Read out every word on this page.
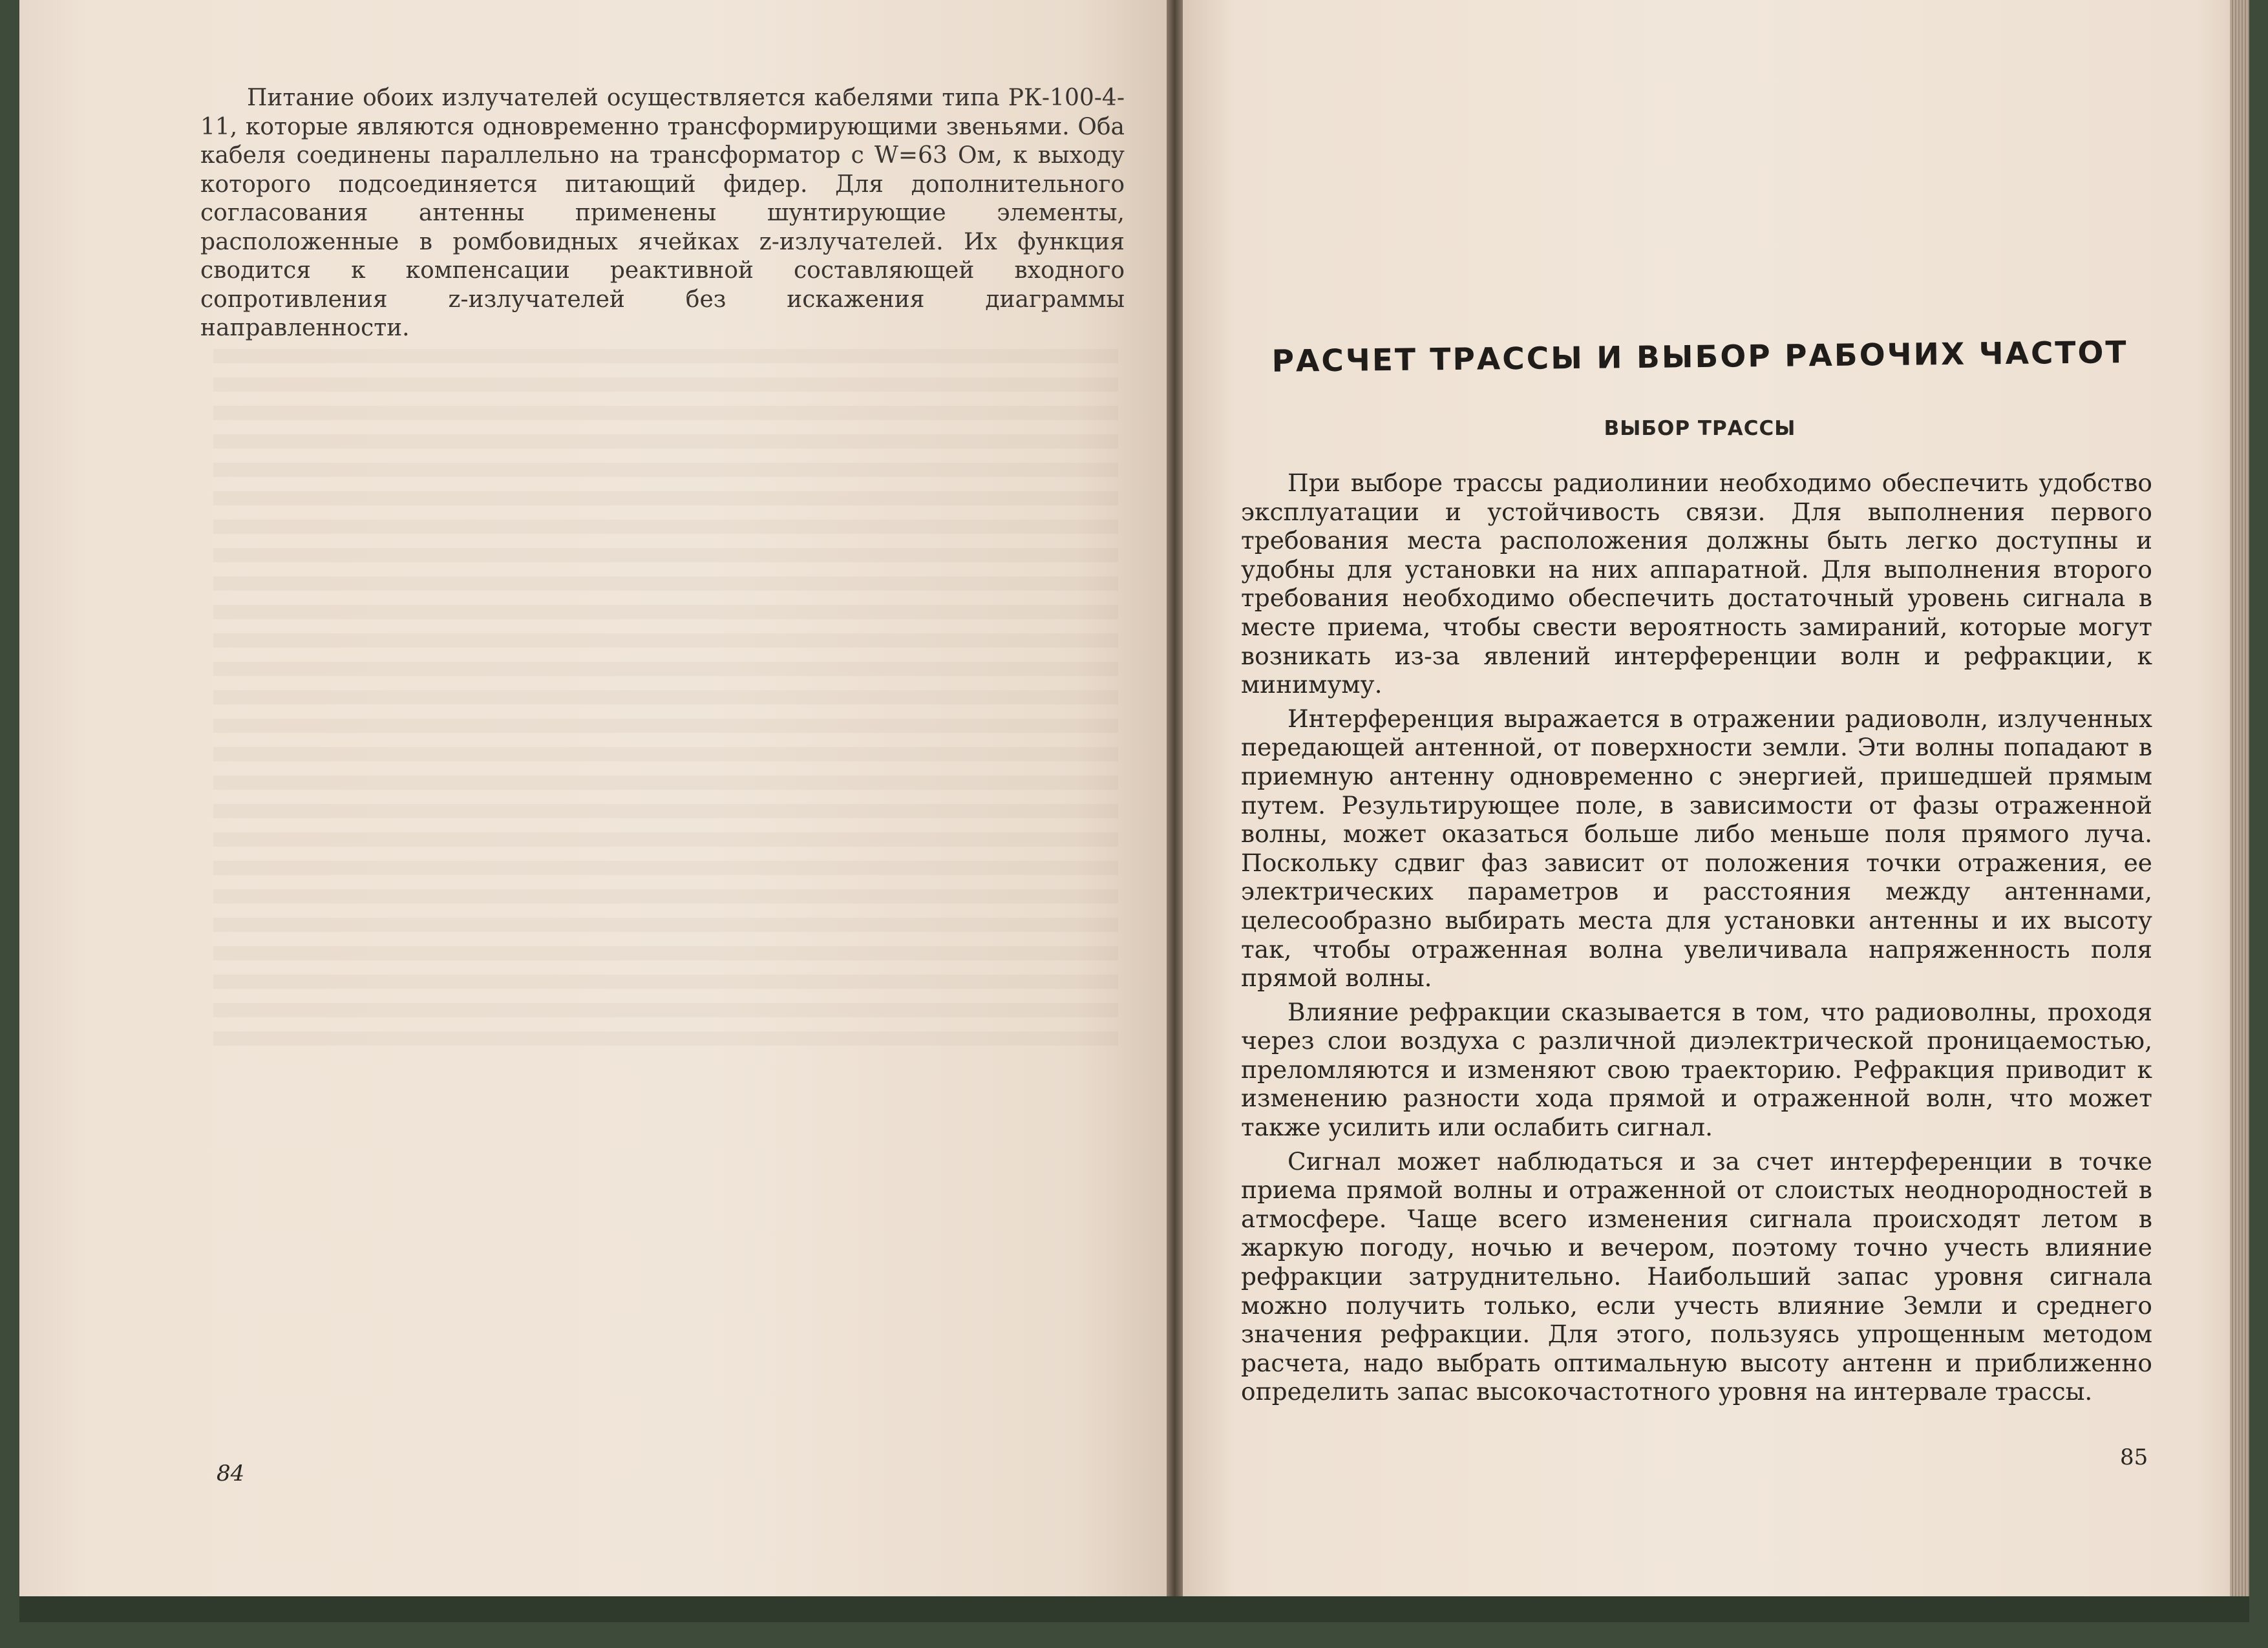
Питание обоих излучателей осуществляется кабелями типа РК-100-4-11, которые являются одновременно трансформирующими звеньями. Оба кабеля соединены параллельно на трансформатор с W=63 Ом, к выходу которого подсоединяется питающий фидер. Для дополнительного согласования антенны применены шунтирующие элементы, расположенные в ромбовидных ячейках z-излучателей. Их функция сводится к компенсации реактивной составляющей входного сопротивления z-излучателей без искажения диаграммы направленности.

84
РАСЧЕТ ТРАССЫ И ВЫБОР РАБОЧИХ ЧАСТОТ
ВЫБОР ТРАССЫ

При выборе трассы радиолинии необходимо обеспечить удобство эксплуатации и устойчивость связи. Для выполнения первого требования места расположения должны быть легко доступны и удобны для установки на них аппаратной. Для выполнения второго требования необходимо обеспечить достаточный уровень сигнала в месте приема, чтобы свести вероятность замираний, которые могут возникать из-за явлений интерференции волн и рефракции, к минимуму.

Интерференция выражается в отражении радиоволн, излученных передающей антенной, от поверхности земли. Эти волны попадают в приемную антенну одновременно с энергией, пришедшей прямым путем. Результирующее поле, в зависимости от фазы отраженной волны, может оказаться больше либо меньше поля прямого луча. Поскольку сдвиг фаз зависит от положения точки отражения, ее электрических параметров и расстояния между антеннами, целесообразно выбирать места для установки антенны и их высоту так, чтобы отраженная волна увеличивала напряженность поля прямой волны.

Влияние рефракции сказывается в том, что радиоволны, проходя через слои воздуха с различной диэлектрической проницаемостью, преломляются и изменяют свою траекторию. Рефракция приводит к изменению разности хода прямой и отраженной волн, что может также усилить или ослабить сигнал.

Сигнал может наблюдаться и за счет интерференции в точке приема прямой волны и отраженной от слоистых неоднородностей в атмосфере. Чаще всего изменения сигнала происходят летом в жаркую погоду, ночью и вечером, поэтому точно учесть влияние рефракции затруднительно. Наибольший запас уровня сигнала можно получить только, если учесть влияние Земли и среднего значения рефракции. Для этого, пользуясь упрощенным методом расчета, надо выбрать оптимальную высоту антенн и приближенно определить запас высокочастотного уровня на интервале трассы.

85
